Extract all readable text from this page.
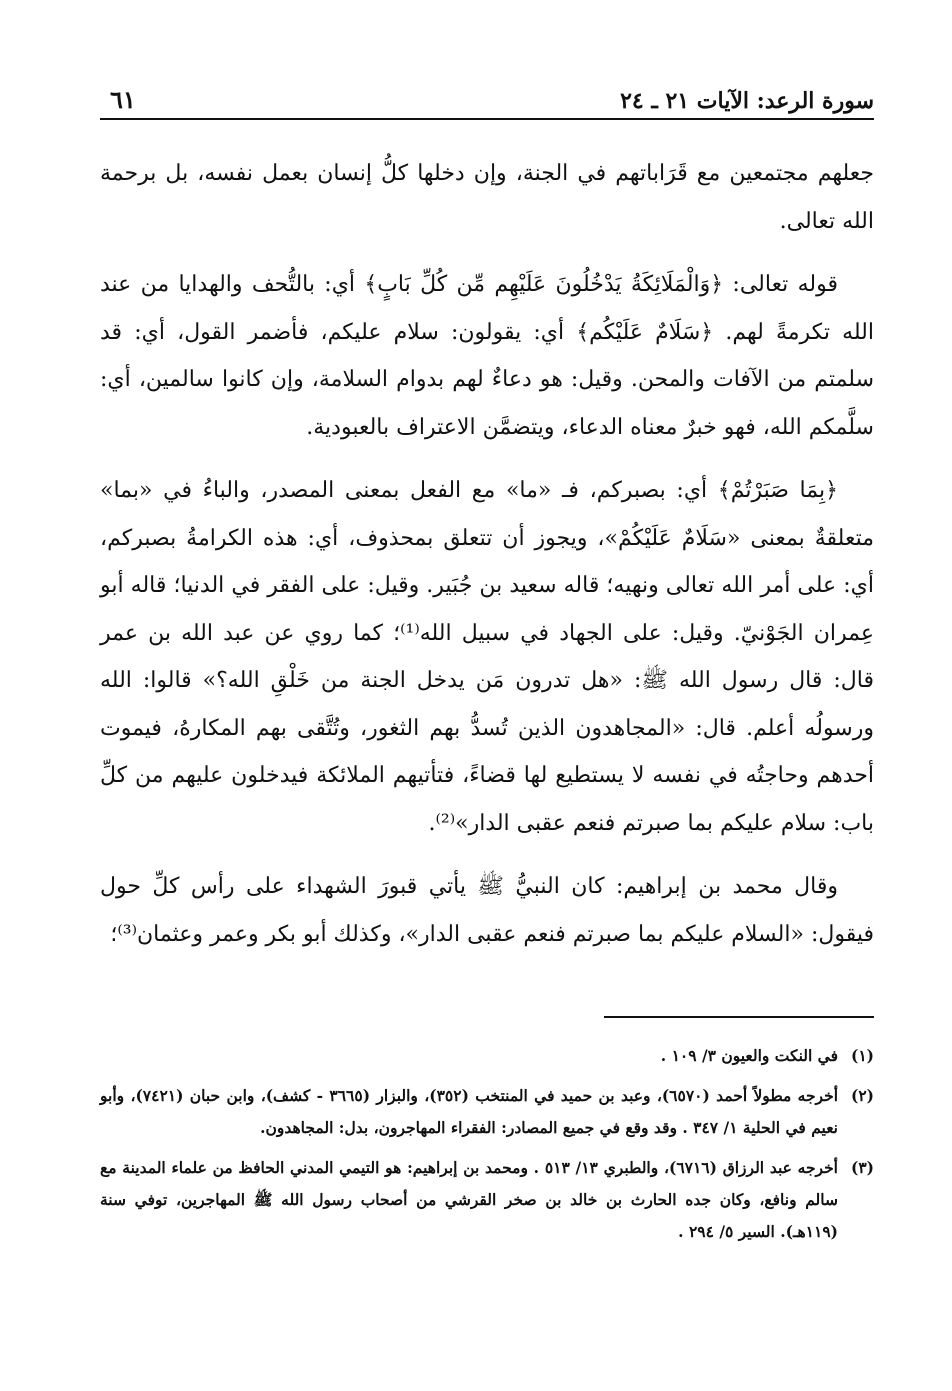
سورة الرعد: الآيات ٢١ ـ ٢٤
٦١

جعلهم مجتمعين مع قَرَاباتهم في الجنة، وإن دخلها كلُّ إنسان بعمل نفسه، بل برحمة الله تعالى.

قوله تعالى: ﴿وَالْمَلَائِكَةُ يَدْخُلُونَ عَلَيْهِم مِّن كُلِّ بَابٍ﴾ أي: بالتُّحف والهدايا من عند الله تكرمةً لهم. ﴿سَلَامٌ عَلَيْكُم﴾ أي: يقولون: سلام عليكم، فأضمر القول، أي: قد سلمتم من الآفات والمحن. وقيل: هو دعاءٌ لهم بدوام السلامة، وإن كانوا سالمين، أي: سلَّمكم الله، فهو خبرٌ معناه الدعاء، ويتضمَّن الاعتراف بالعبودية.

﴿بِمَا صَبَرْتُمْ﴾ أي: بصبركم، فـ «ما» مع الفعل بمعنى المصدر، والباءُ في «بما» متعلقةٌ بمعنى «سَلَامٌ عَلَيْكُمْ»، ويجوز أن تتعلق بمحذوف، أي: هذه الكرامةُ بصبركم، أي: على أمر الله تعالى ونهيه؛ قاله سعيد بن جُبَير. وقيل: على الفقر في الدنيا؛ قاله أبو عِمران الجَوْنيّ. وقيل: على الجهاد في سبيل الله⁽¹⁾؛ كما روي عن عبد الله بن عمر قال: قال رسول الله ﷺ: «هل تدرون مَن يدخل الجنة من خَلْقِ الله؟» قالوا: الله ورسولُه أعلم. قال: «المجاهدون الذين تُسدُّ بهم الثغور، وتُتَّقى بهم المكارهُ، فيموت أحدهم وحاجتُه في نفسه لا يستطيع لها قضاءً، فتأتيهم الملائكة فيدخلون عليهم من كلِّ باب: سلام عليكم بما صبرتم فنعم عقبى الدار»⁽²⁾.

وقال محمد بن إبراهيم: كان النبيُّ ﷺ يأتي قبورَ الشهداء على رأس كلِّ حول فيقول: «السلام عليكم بما صبرتم فنعم عقبى الدار»، وكذلك أبو بكر وعمر وعثمان⁽³⁾؛

(١)
في النكت والعيون ٣/ ١٠٩ .
(٢)
أخرجه مطولاً أحمد (٦٥٧٠)، وعبد بن حميد في المنتخب (٣٥٢)، والبزار (٣٦٦٥ - كشف)، وابن حبان (٧٤٢١)، وأبو نعيم في الحلية ١/ ٣٤٧ . وقد وقع في جميع المصادر: الفقراء المهاجرون، بدل: المجاهدون.
(٣)
أخرجه عبد الرزاق (٦٧١٦)، والطبري ١٣/ ٥١٣ . ومحمد بن إبراهيم: هو التيمي المدني الحافظ من علماء المدينة مع سالم ونافع، وكان جده الحارث بن خالد بن صخر القرشي من أصحاب رسول الله ﷺ المهاجرين، توفي سنة (١١٩هـ). السير ٥/ ٢٩٤ .
